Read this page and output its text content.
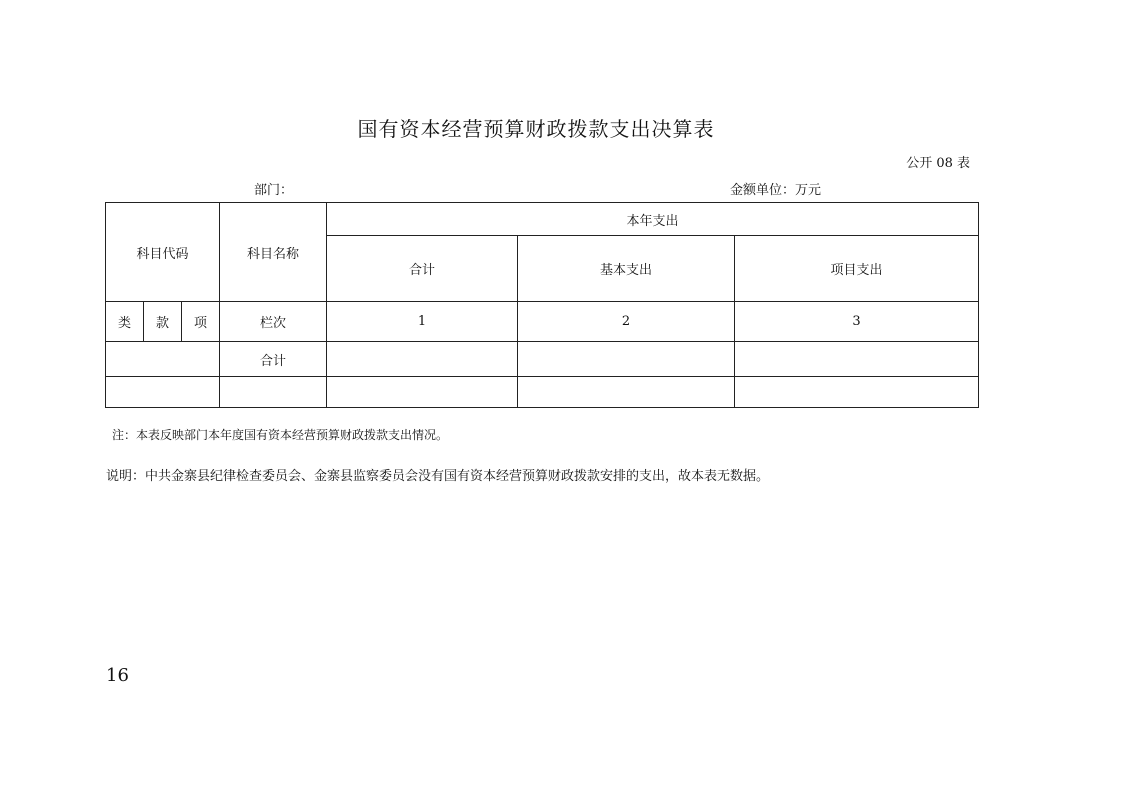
国有资本经营预算财政拨款支出决算表
公开 08 表
部门：	金额单位：万元
科目代码			科目名称	本年支出		
				合计	基本支出	项目支出
类	款	项	栏次	1	2	3
			合计			

注：本表反映部门本年度国有资本经营预算财政拨款支出情况。
说明：中共金寨县纪律检查委员会、金寨县监察委员会没有国有资本经营预算财政拨款安排的支出，故本表无数据。
16
